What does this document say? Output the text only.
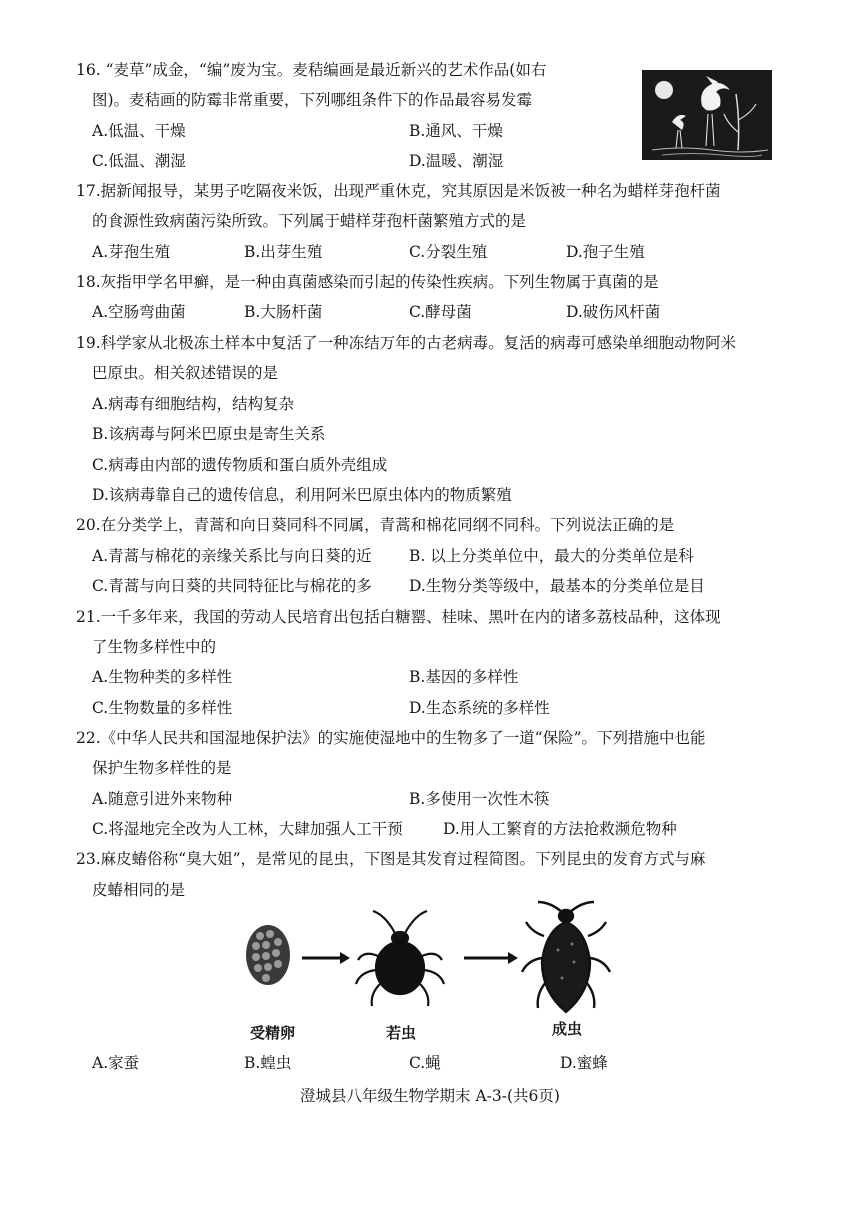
16. “麦草”成金，“编”废为宝。麦秸编画是最近新兴的艺术作品(如右
图)。麦秸画的防霉非常重要，下列哪组条件下的作品最容易发霉
A.低温、干燥	B.通风、干燥
C.低温、潮湿	D.温暖、潮湿
17.据新闻报导，某男子吃隔夜米饭，出现严重休克，究其原因是米饭被一种名为蜡样芽孢杆菌
的食源性致病菌污染所致。下列属于蜡样芽孢杆菌繁殖方式的是
A.芽孢生殖	B.出芽生殖	C.分裂生殖	D.孢子生殖
18.灰指甲学名甲癣，是一种由真菌感染而引起的传染性疾病。下列生物属于真菌的是
A.空肠弯曲菌	B.大肠杆菌	C.酵母菌	D.破伤风杆菌
19.科学家从北极冻土样本中复活了一种冻结万年的古老病毒。复活的病毒可感染单细胞动物阿米
巴原虫。相关叙述错误的是
A.病毒有细胞结构，结构复杂
B.该病毒与阿米巴原虫是寄生关系
C.病毒由内部的遗传物质和蛋白质外壳组成
D.该病毒靠自己的遗传信息，利用阿米巴原虫体内的物质繁殖
20.在分类学上，青蒿和向日葵同科不同属，青蒿和棉花同纲不同科。下列说法正确的是
A.青蒿与棉花的亲缘关系比与向日葵的近 B. 以上分类单位中，最大的分类单位是科
C.青蒿与向日葵的共同特征比与棉花的多 D.生物分类等级中，最基本的分类单位是目
21.一千多年来，我国的劳动人民培育出包括白糖罂、桂味、黑叶在内的诸多荔枝品种，这体现
了生物多样性中的
A.生物种类的多样性	B.基因的多样性
C.生物数量的多样性	D.生态系统的多样性
22.《中华人民共和国湿地保护法》的实施使湿地中的生物多了一道“保险”。下列措施中也能
保护生物多样性的是
A.随意引进外来物种	B.多使用一次性木筷
C.将湿地完全改为人工林，大肆加强人工干预	D.用人工繁育的方法抢救濒危物种
23.麻皮蝽俗称“臭大姐”，是常见的昆虫，下图是其发育过程简图。下列昆虫的发育方式与麻
皮蝽相同的是
受精卵	若虫	成虫
A.家蚕	B.蝗虫	C.蝇	D.蜜蜂
澄城县八年级生物学期末 A-3-(共6页)
